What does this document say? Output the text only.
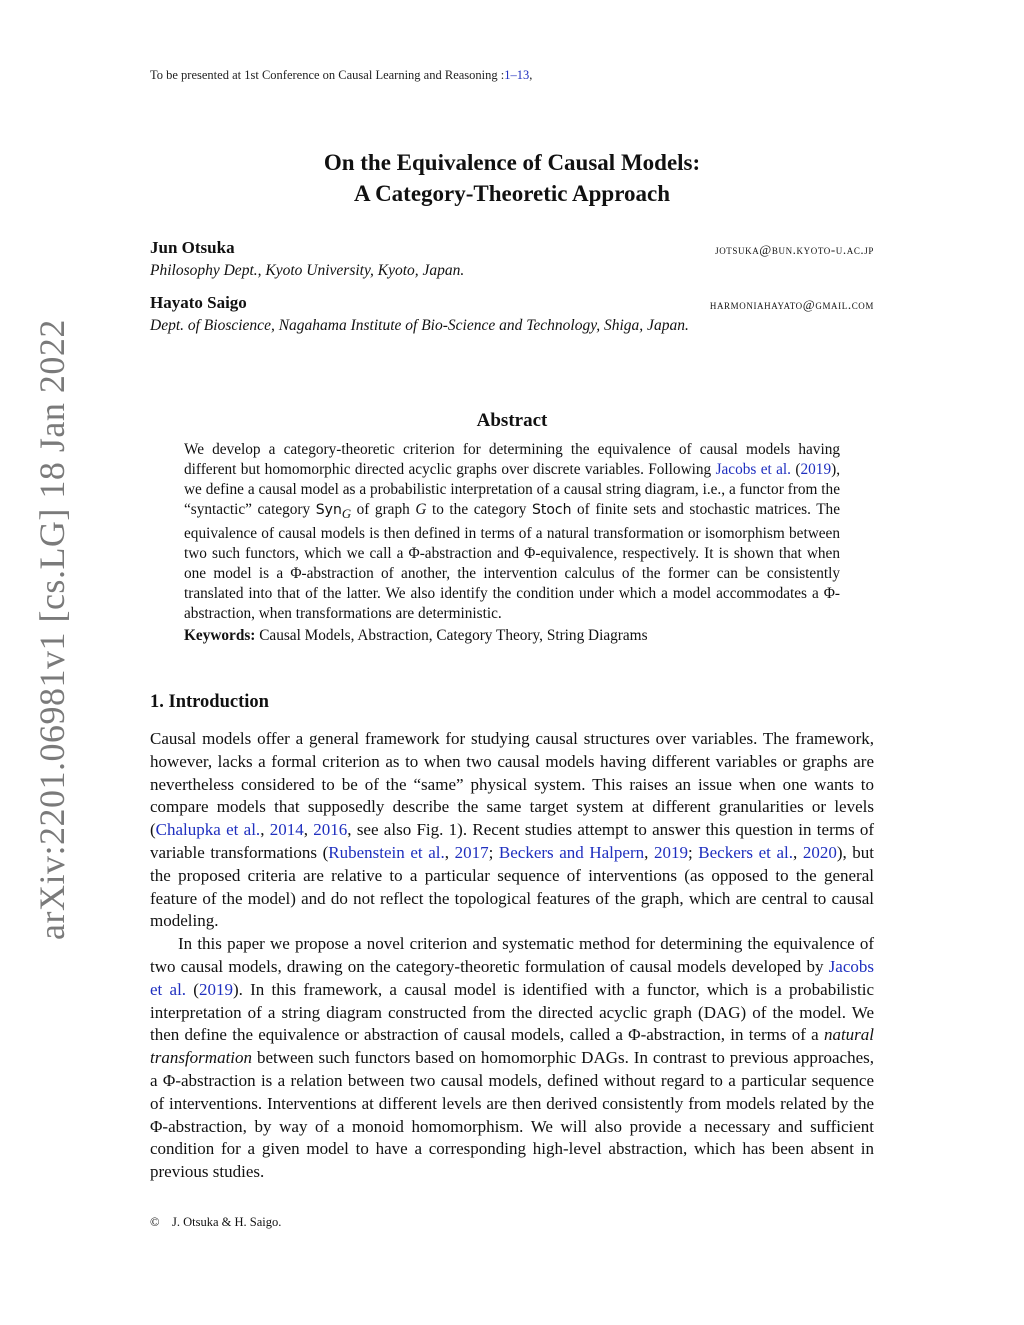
To be presented at 1st Conference on Causal Learning and Reasoning :1–13,
arXiv:2201.06981v1 [cs.LG] 18 Jan 2022
On the Equivalence of Causal Models:
A Category-Theoretic Approach
Jun Otsuka	jotsuka@bun.kyoto-u.ac.jp
Philosophy Dept., Kyoto University, Kyoto, Japan.
Hayato Saigo	harmoniahayato@gmail.com
Dept. of Bioscience, Nagahama Institute of Bio-Science and Technology, Shiga, Japan.
Abstract

We develop a category-theoretic criterion for determining the equivalence of causal models having different but homomorphic directed acyclic graphs over discrete variables. Following Jacobs et al. (2019), we define a causal model as a probabilistic interpretation of a causal string diagram, i.e., a functor from the “syntactic” category Syn$_G$ of graph G to the category Stoch of finite sets and stochastic matrices. The equivalence of causal models is then defined in terms of a natural transformation or isomorphism between two such functors, which we call a Φ-abstraction and Φ-equivalence, respectively. It is shown that when one model is a Φ-abstraction of another, the intervention calculus of the former can be consistently translated into that of the latter. We also identify the condition under which a model accommodates a Φ-abstraction, when transformations are deterministic.

Keywords: Causal Models, Abstraction, Category Theory, String Diagrams

1. Introduction

Causal models offer a general framework for studying causal structures over variables. The framework, however, lacks a formal criterion as to when two causal models having different variables or graphs are nevertheless considered to be of the “same” physical system. This raises an issue when one wants to compare models that supposedly describe the same target system at different granularities or levels (Chalupka et al., 2014, 2016, see also Fig. 1). Recent studies attempt to answer this question in terms of variable transformations (Rubenstein et al., 2017; Beckers and Halpern, 2019; Beckers et al., 2020), but the proposed criteria are relative to a particular sequence of interventions (as opposed to the general feature of the model) and do not reflect the topological features of the graph, which are central to causal modeling.

In this paper we propose a novel criterion and systematic method for determining the equivalence of two causal models, drawing on the category-theoretic formulation of causal models developed by Jacobs et al. (2019). In this framework, a causal model is identified with a functor, which is a probabilistic interpretation of a string diagram constructed from the directed acyclic graph (DAG) of the model. We then define the equivalence or abstraction of causal models, called a Φ-abstraction, in terms of a natural transformation between such functors based on homomorphic DAGs. In contrast to previous approaches, a Φ-abstraction is a relation between two causal models, defined without regard to a particular sequence of interventions. Interventions at different levels are then derived consistently from models related by the Φ-abstraction, by way of a monoid homomorphism. We will also provide a necessary and sufficient condition for a given model to have a corresponding high-level abstraction, which has been absent in previous studies.

© J. Otsuka & H. Saigo.
